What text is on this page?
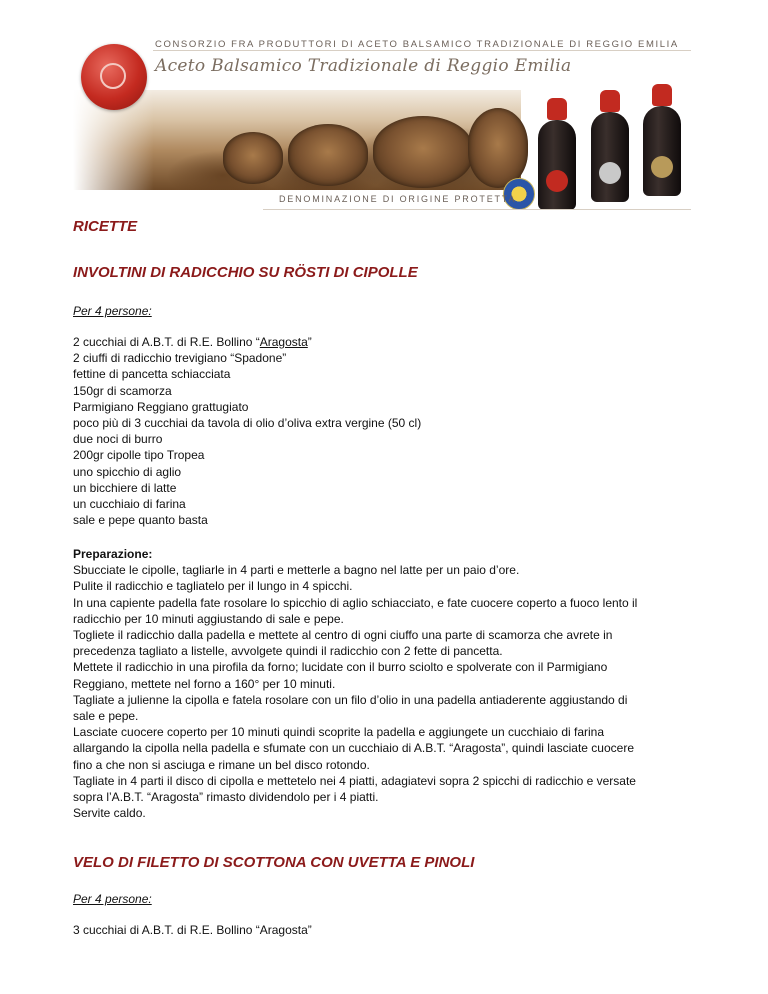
CONSORZIO FRA PRODUTTORI DI ACETO BALSAMICO TRADIZIONALE DI REGGIO EMILIA
Aceto Balsamico Tradizionale di Reggio Emilia
DENOMINAZIONE DI ORIGINE PROTETTA
RICETTE
INVOLTINI DI RADICCHIO SU RÖSTI DI CIPOLLE

Per 4 persone:

2 cucchiai di A.B.T. di R.E. Bollino “Aragosta”
2 ciuffi di radicchio trevigiano “Spadone”
fettine di pancetta schiacciata
150gr di scamorza
Parmigiano Reggiano grattugiato
poco più di 3 cucchiai da tavola di olio d’oliva extra vergine (50 cl)
due noci di burro
200gr cipolle tipo Tropea
uno spicchio di aglio
un bicchiere di latte
un cucchiaio di farina
sale e pepe quanto basta
Preparazione:
Sbucciate le cipolle, tagliarle in 4 parti e metterle a bagno nel latte per un paio d’ore.
Pulite il radicchio e tagliatelo per il lungo in 4 spicchi.
In una capiente padella fate rosolare lo spicchio di aglio schiacciato, e fate cuocere coperto a fuoco lento il
radicchio per 10 minuti aggiustando di sale e pepe.
Togliete il radicchio dalla padella e mettete al centro di ogni ciuffo una parte di scamorza che avrete in
precedenza tagliato a listelle, avvolgete quindi il radicchio con 2 fette di pancetta.
Mettete il radicchio in una pirofila da forno; lucidate con il burro sciolto e spolverate con il Parmigiano
Reggiano, mettete nel forno a 160° per 10 minuti.
Tagliate a julienne la cipolla e fatela rosolare con un filo d’olio in una padella antiaderente aggiustando di
sale e pepe.
Lasciate cuocere coperto per 10 minuti quindi scoprite la padella e aggiungete un cucchiaio di farina
allargando la cipolla nella padella e sfumate con un cucchiaio di A.B.T. “Aragosta”, quindi lasciate cuocere
fino a che non si asciuga e rimane un bel disco rotondo.
Tagliate in 4 parti il disco di cipolla e mettetelo nei 4 piatti, adagiatevi sopra 2 spicchi di radicchio e versate
sopra l’A.B.T. “Aragosta” rimasto dividendolo per i 4 piatti.
Servite caldo.
VELO DI FILETTO DI SCOTTONA CON UVETTA E PINOLI

Per 4 persone:

3 cucchiai di A.B.T. di R.E. Bollino “Aragosta”
